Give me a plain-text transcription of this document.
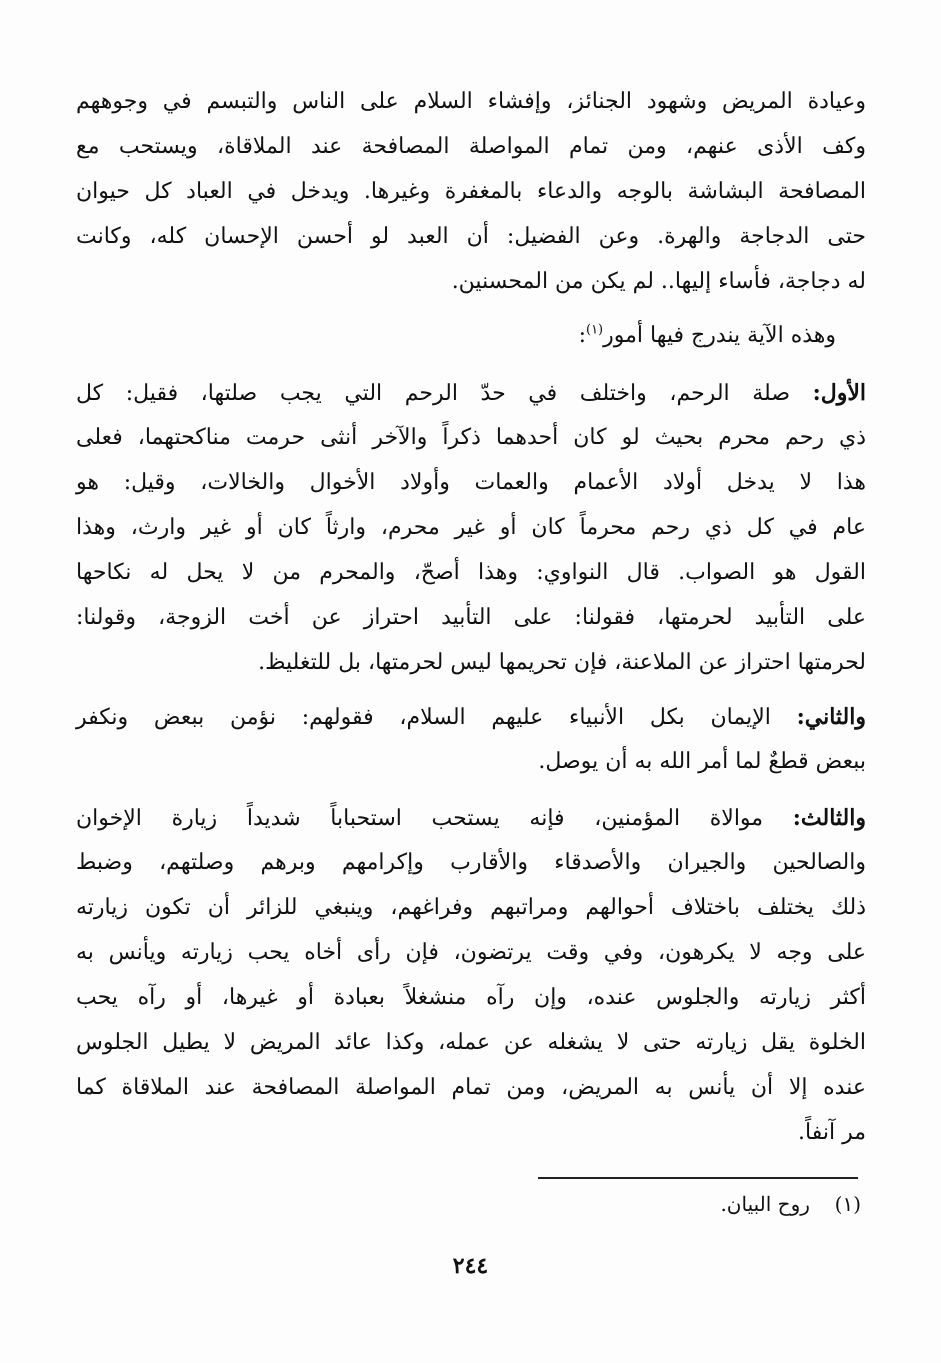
وعيادة المريض وشهود الجنائز، وإفشاء السلام على الناس والتبسم في وجوههم
وكف الأذى عنهم، ومن تمام المواصلة المصافحة عند الملاقاة، ويستحب مع
المصافحة البشاشة بالوجه والدعاء بالمغفرة وغيرها. ويدخل في العباد كل حيوان
حتى الدجاجة والهرة. وعن الفضيل: أن العبد لو أحسن الإحسان كله، وكانت
له دجاجة، فأساء إليها.. لم يكن من المحسنين.
وهذه الآية يندرج فيها أمور$^{(١)}$:
الأول: صلة الرحم، واختلف في حدّ الرحم التي يجب صلتها، فقيل: كل
ذي رحم محرم بحيث لو كان أحدهما ذكراً والآخر أنثى حرمت مناكحتهما، فعلى
هذا لا يدخل أولاد الأعمام والعمات وأولاد الأخوال والخالات، وقيل: هو
عام في كل ذي رحم محرماً كان أو غير محرم، وارثاً كان أو غير وارث، وهذا
القول هو الصواب. قال النواوي: وهذا أصحّ، والمحرم من لا يحل له نكاحها
على التأبيد لحرمتها، فقولنا: على التأبيد احتراز عن أخت الزوجة، وقولنا:
لحرمتها احتراز عن الملاعنة، فإن تحريمها ليس لحرمتها، بل للتغليظ.
والثاني: الإيمان بكل الأنبياء عليهم السلام، فقولهم: نؤمن ببعض ونكفر
ببعض قطعٌ لما أمر الله به أن يوصل.
والثالث: موالاة المؤمنين، فإنه يستحب استحباباً شديداً زيارة الإخوان
والصالحين والجيران والأصدقاء والأقارب وإكرامهم وبرهم وصلتهم، وضبط
ذلك يختلف باختلاف أحوالهم ومراتبهم وفراغهم، وينبغي للزائر أن تكون زيارته
على وجه لا يكرهون، وفي وقت يرتضون، فإن رأى أخاه يحب زيارته ويأنس به
أكثر زيارته والجلوس عنده، وإن رآه منشغلاً بعبادة أو غيرها، أو رآه يحب
الخلوة يقل زيارته حتى لا يشغله عن عمله، وكذا عائد المريض لا يطيل الجلوس
عنده إلا أن يأنس به المريض، ومن تمام المواصلة المصافحة عند الملاقاة كما
مر آنفاً.
(١)  روح البيان.
٢٤٤
